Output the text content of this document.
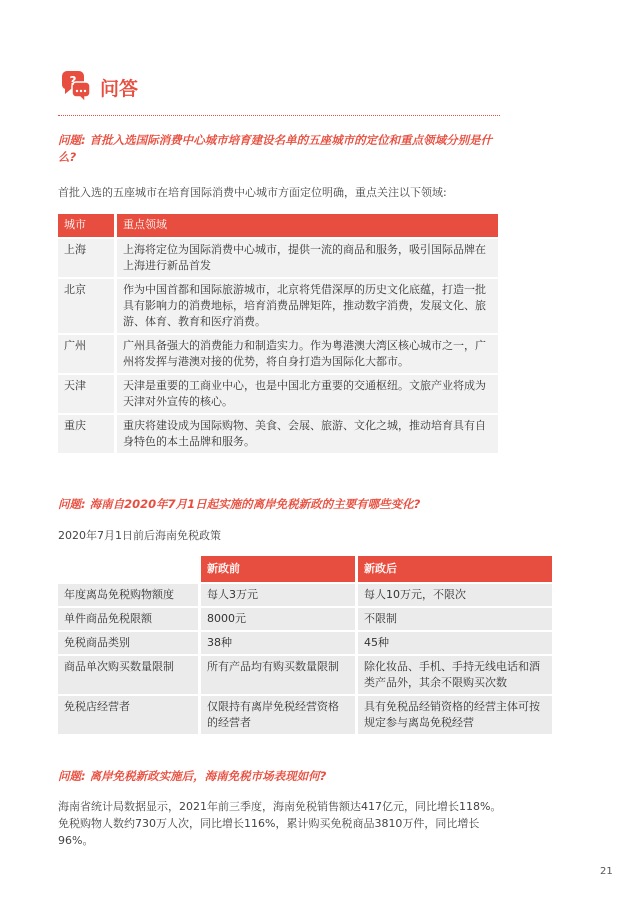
? 问答
问题: 首批入选国际消费中心城市培育建设名单的五座城市的定位和重点领域分别是什么?
首批入选的五座城市在培育国际消费中心城市方面定位明确，重点关注以下领域:
城市	重点领域
上海	上海将定位为国际消费中心城市，提供一流的商品和服务，吸引国际品牌在上海进行新品首发
北京	作为中国首都和国际旅游城市，北京将凭借深厚的历史文化底蕴，打造一批具有影响力的消费地标，培育消费品牌矩阵，推动数字消费，发展文化、旅游、体育、教育和医疗消费。
广州	广州具备强大的消费能力和制造实力。作为粤港澳大湾区核心城市之一，广州将发挥与港澳对接的优势，将自身打造为国际化大都市。
天津	天津是重要的工商业中心，也是中国北方重要的交通枢纽。文旅产业将成为天津对外宣传的核心。
重庆	重庆将建设成为国际购物、美食、会展、旅游、文化之城，推动培育具有自身特色的本土品牌和服务。
问题: 海南自2020年7月1日起实施的离岸免税新政的主要有哪些变化?
2020年7月1日前后海南免税政策
	新政前	新政后
年度离岛免税购物额度	每人3万元	每人10万元，不限次
单件商品免税限额	8000元	不限制
免税商品类别	38种	45种
商品单次购买数量限制	所有产品均有购买数量限制	除化妆品、手机、手持无线电话和酒类产品外，其余不限购买次数
免税店经营者	仅限持有离岸免税经营资格的经营者	具有免税品经销资格的经营主体可按规定参与离岛免税经营
问题: 离岸免税新政实施后，海南免税市场表现如何?
海南省统计局数据显示，2021年前三季度，海南免税销售额达417亿元，同比增长118%。免税购物人数约730万人次，同比增长116%，累计购买免税商品3810万件，同比增长96%。
21
